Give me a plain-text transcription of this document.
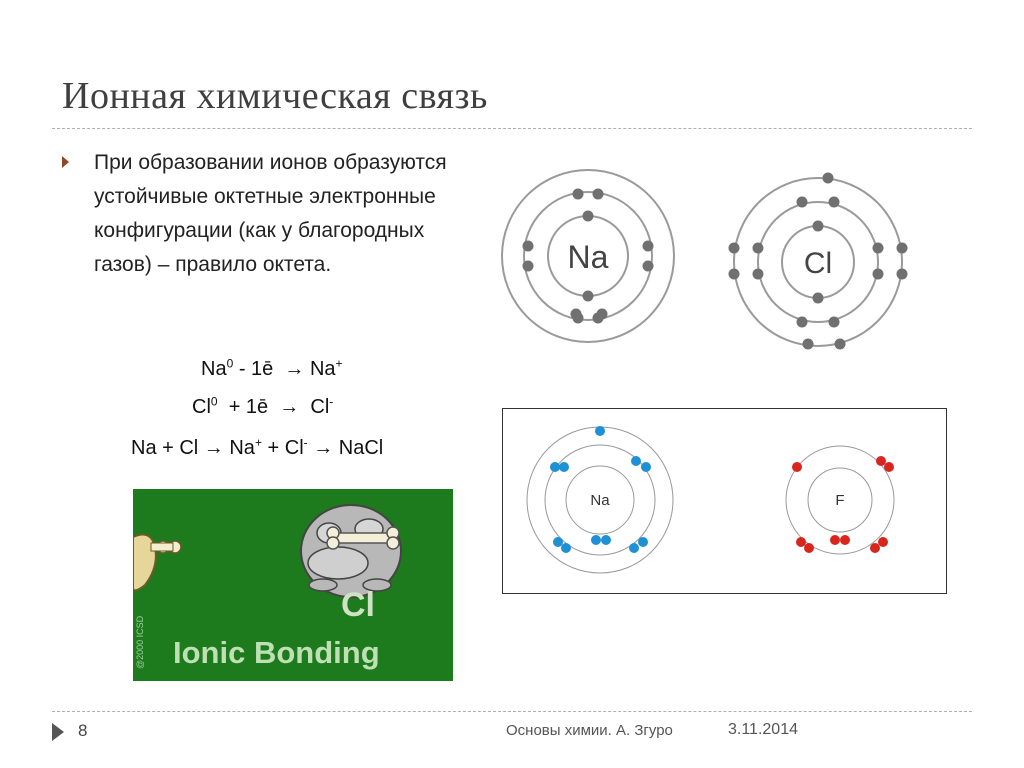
Ионная химическая связь

При образовании ионов образуются устойчивые октетные электронные конфигурации (как у благородных газов) – правило октета.

Na$^0$ - 1ē  → Na+

Cl$^0$  + 1ē  →  Cl-

Na + Cl → Na+ + Cl- → NaCl

Na	Cl
Cl
Ionic Bonding
@2000 ICSD
Na	F
8	Основы химии. А. Згуро	3.11.2014
